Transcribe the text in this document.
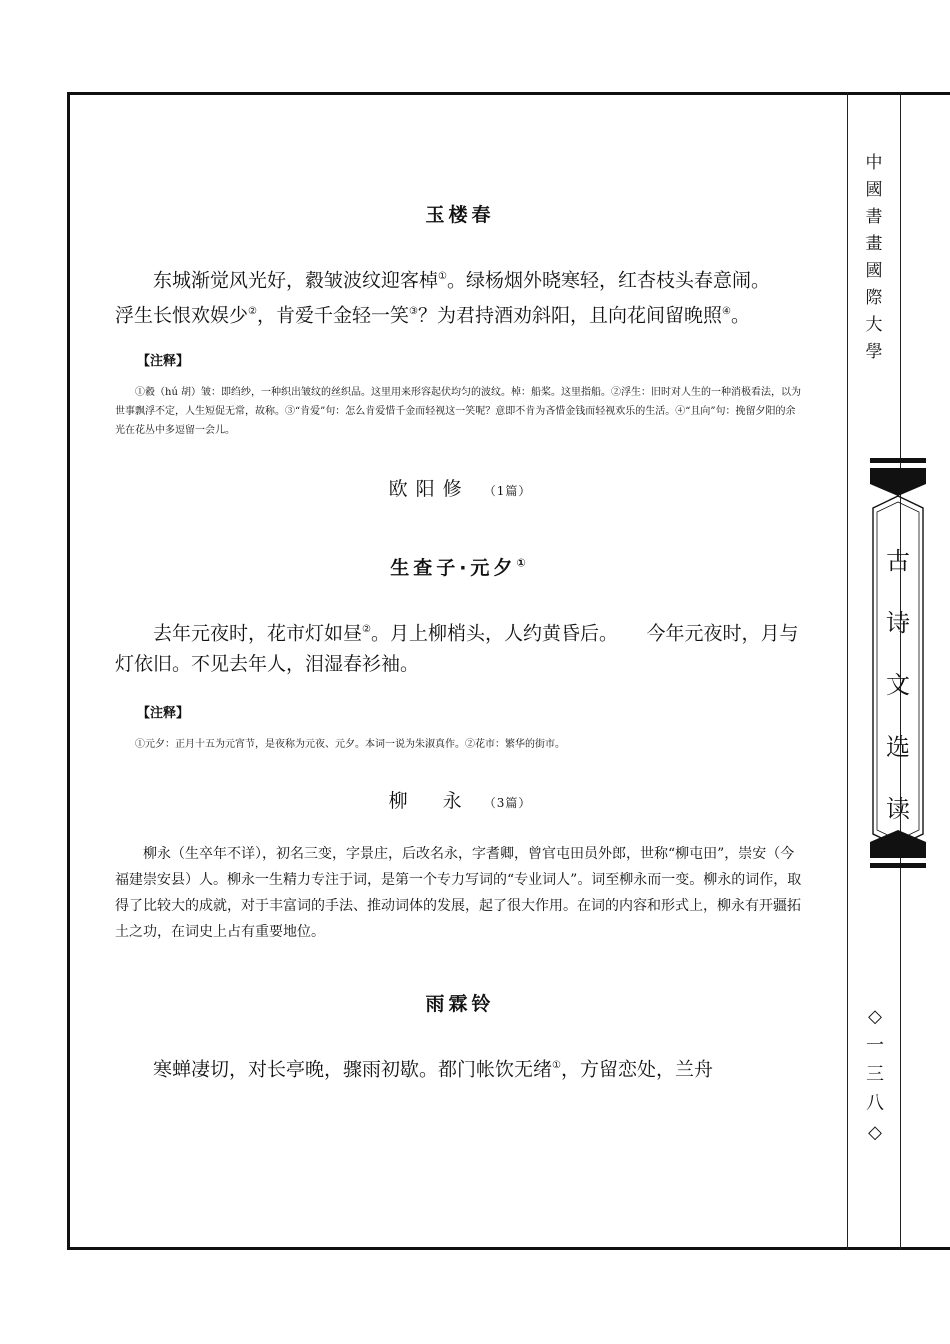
玉楼春

东城渐觉风光好，縠皱波纹迎客棹①。绿杨烟外晓寒轻，红杏枝头春意闹。　　浮生长恨欢娱少②，肯爱千金轻一笑③？为君持酒劝斜阳，且向花间留晚照④。

【注释】

①縠（hú 胡）皱：即绉纱，一种织出皱纹的丝织品。这里用来形容起伏均匀的波纹。棹：船桨。这里指船。②浮生：旧时对人生的一种消极看法，以为世事飘浮不定，人生短促无常，故称。③“肯爱”句：怎么肯爱惜千金而轻视这一笑呢？意即不肯为吝惜金钱而轻视欢乐的生活。④“且向”句：挽留夕阳的余光在花丛中多逗留一会儿。

欧阳修 （1篇）

生查子·元夕①

去年元夜时，花市灯如昼②。月上柳梢头，人约黄昏后。　　今年元夜时，月与灯依旧。不见去年人，泪湿春衫袖。

【注释】

①元夕：正月十五为元宵节，是夜称为元夜、元夕。本词一说为朱淑真作。②花市：繁华的街市。

柳　永 （3篇）

柳永（生卒年不详），初名三变，字景庄，后改名永，字耆卿，曾官屯田员外郎，世称“柳屯田”，崇安（今福建崇安县）人。柳永一生精力专注于词，是第一个专力写词的“专业词人”。词至柳永而一变。柳永的词作，取得了比较大的成就，对于丰富词的手法、推动词体的发展，起了很大作用。在词的内容和形式上，柳永有开疆拓土之功，在词史上占有重要地位。

雨霖铃

寒蝉凄切，对长亭晚，骤雨初歇。都门帐饮无绪①，方留恋处，兰舟

中
國
書
畫
國
際
大
學
古
诗
文
选
读
◇
一
三
八
◇
